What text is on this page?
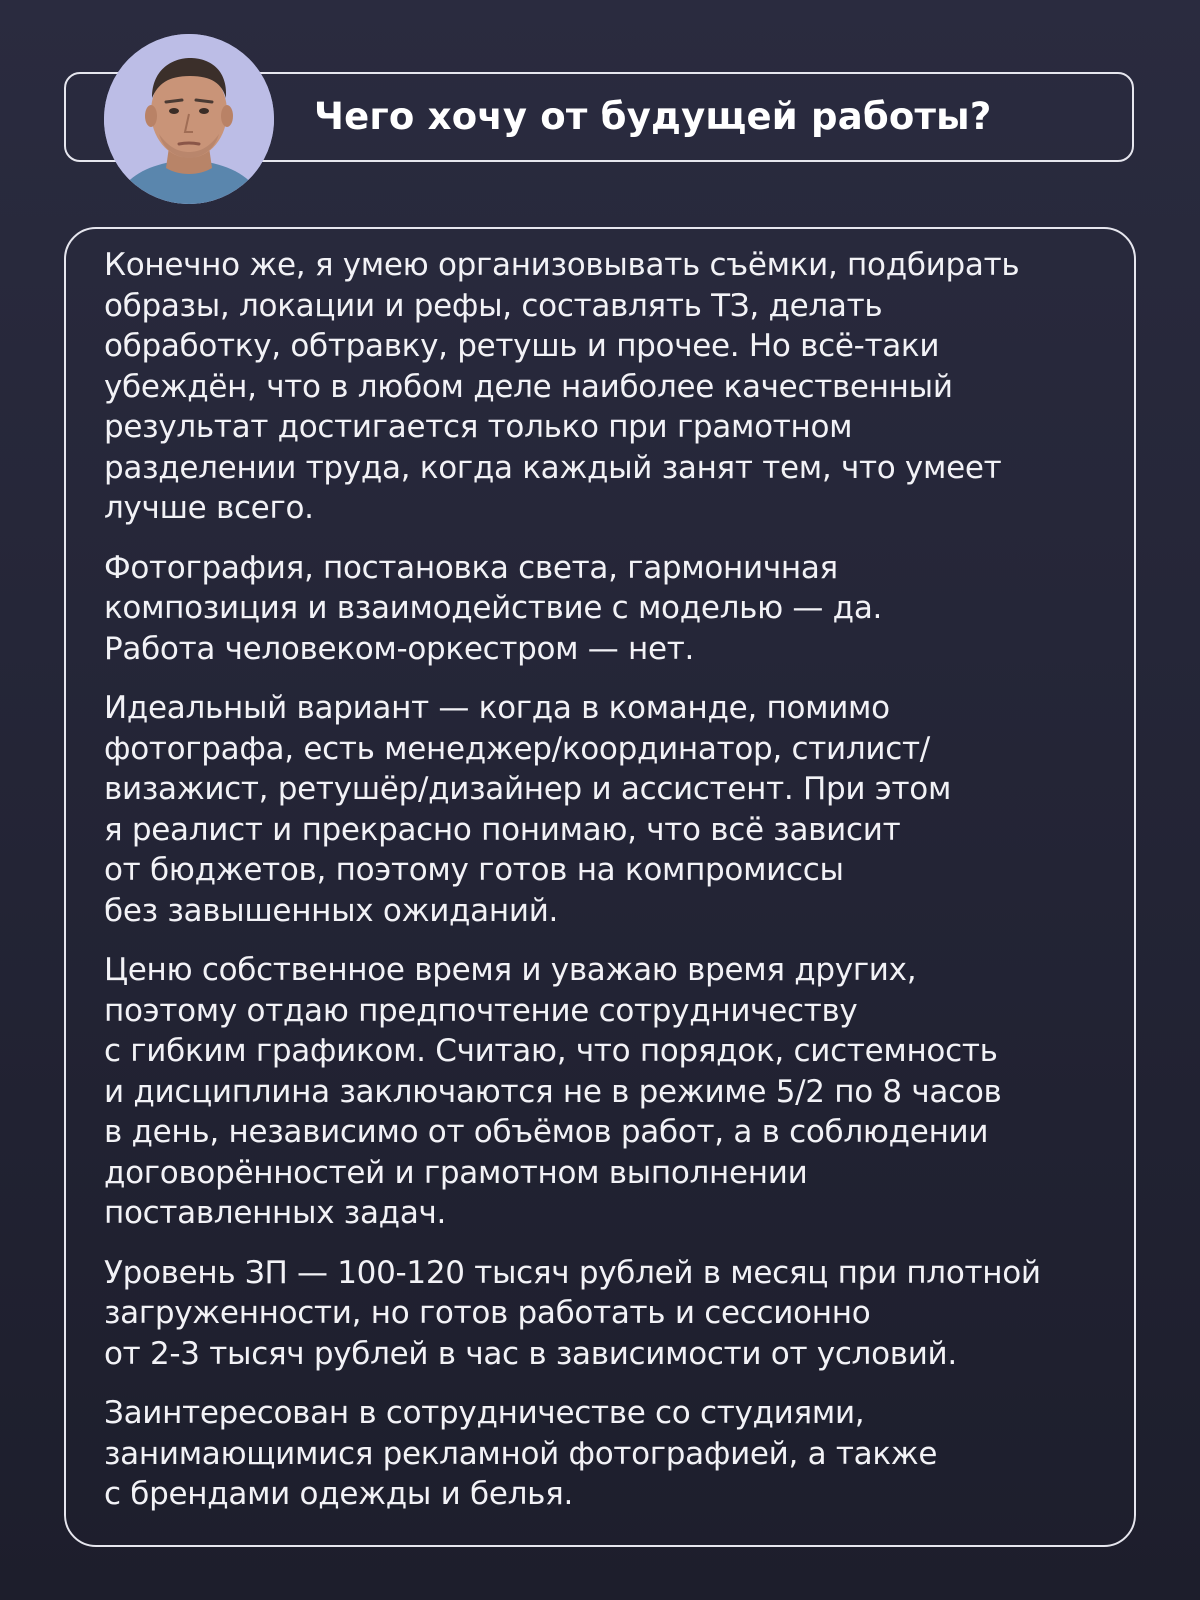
Чего хочу от будущей работы?

Конечно же, я умею организовывать съёмки, подбирать
образы, локации и рефы, составлять ТЗ, делать
обработку, обтравку, ретушь и прочее. Но всё-таки
убеждён, что в любом деле наиболее качественный
результат достигается только при грамотном
разделении труда, когда каждый занят тем, что умеет
лучше всего.

Фотография, постановка света, гармоничная
композиция и взаимодействие с моделью — да.
Работа человеком-оркестром — нет.

Идеальный вариант — когда в команде, помимо
фотографа, есть менеджер/координатор, стилист/
визажист, ретушёр/дизайнер и ассистент. При этом
я реалист и прекрасно понимаю, что всё зависит
от бюджетов, поэтому готов на компромиссы
без завышенных ожиданий.

Ценю собственное время и уважаю время других,
поэтому отдаю предпочтение сотрудничеству
с гибким графиком. Считаю, что порядок, системность
и дисциплина заключаются не в режиме 5/2 по 8 часов
в день, независимо от объёмов работ, а в соблюдении
договорённостей и грамотном выполнении
поставленных задач.

Уровень ЗП — 100-120 тысяч рублей в месяц при плотной
загруженности, но готов работать и сессионно
от 2-3 тысяч рублей в час в зависимости от условий.

Заинтересован в сотрудничестве со студиями,
занимающимися рекламной фотографией, а также
с брендами одежды и белья.
